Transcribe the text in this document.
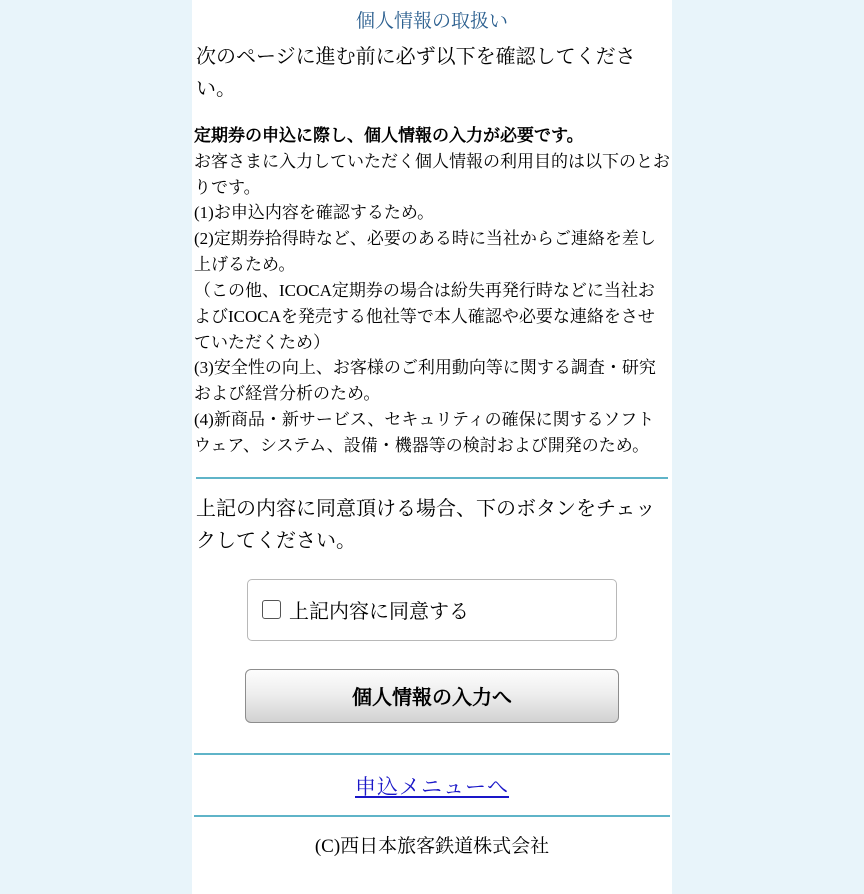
個人情報の取扱い

次のページに進む前に必ず以下を確認してください。

定期券の申込に際し、個人情報の入力が必要です。

お客さまに入力していただく個人情報の利用目的は以下のとおりです。

(1)お申込内容を確認するため。

(2)定期券拾得時など、必要のある時に当社からご連絡を差し上げるため。

（この他、ICOCA定期券の場合は紛失再発行時などに当社およびICOCAを発売する他社等で本人確認や必要な連絡をさせていただくため）

(3)安全性の向上、お客様のご利用動向等に関する調査・研究および経営分析のため。

(4)新商品・新サービス、セキュリティの確保に関するソフトウェア、システム、設備・機器等の検討および開発のため。

上記の内容に同意頂ける場合、下のボタンをチェックしてください。

上記内容に同意する
個人情報の入力へ
申込メニューへ
(C)西日本旅客鉄道株式会社
